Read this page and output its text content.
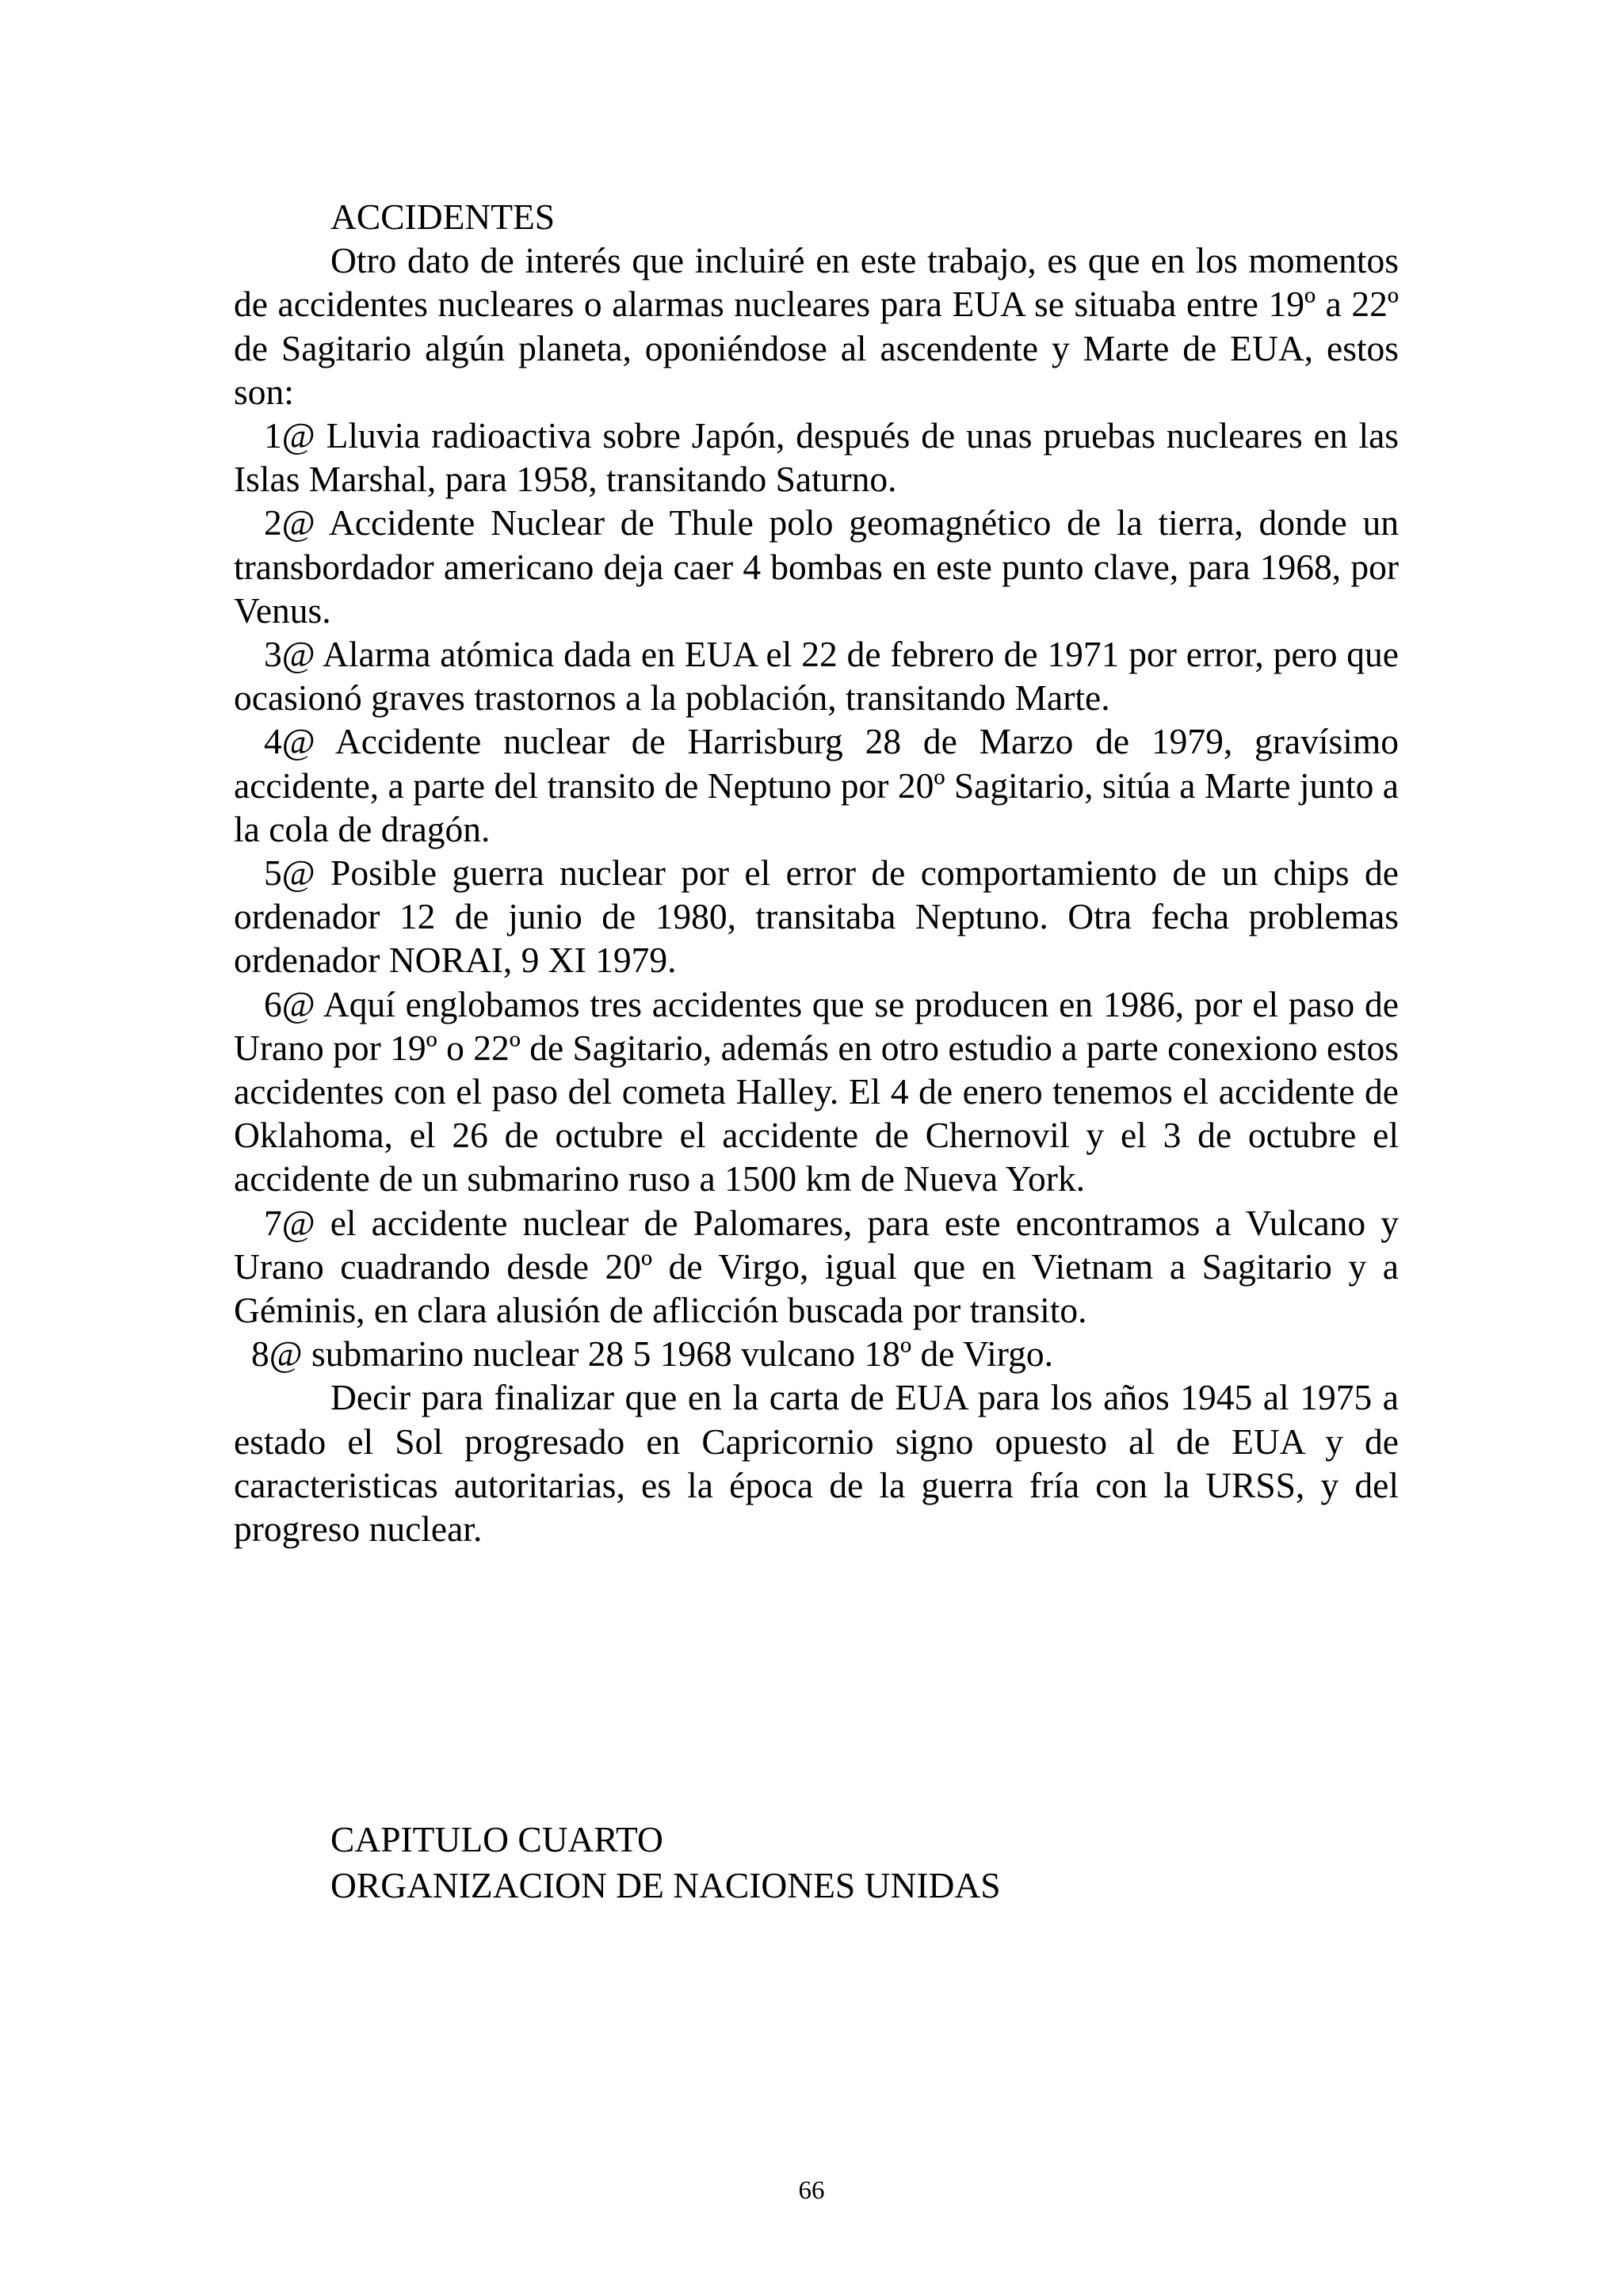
ACCIDENTES

Otro dato de interés que incluiré en este trabajo, es que en los momentos de accidentes nucleares o alarmas nucleares para EUA se situaba entre 19º a 22º de Sagitario algún planeta, oponiéndose al ascendente y Marte de EUA, estos son:

1@ Lluvia radioactiva sobre Japón, después de unas pruebas nucleares en las Islas Marshal, para 1958, transitando Saturno.

2@ Accidente Nuclear de Thule polo geomagnético de la tierra, donde un transbordador americano deja caer 4 bombas en este punto clave, para 1968, por Venus.

3@ Alarma atómica dada en EUA el 22 de febrero de 1971 por error, pero que ocasionó graves trastornos a la población, transitando Marte.

4@ Accidente nuclear de Harrisburg 28 de Marzo de 1979, gravísimo accidente, a parte del transito de Neptuno por 20º Sagitario, sitúa a Marte junto a la cola de dragón.

5@ Posible guerra nuclear por el error de comportamiento de un chips de ordenador 12 de junio de 1980, transitaba Neptuno. Otra fecha problemas ordenador NORAI, 9 XI 1979.

6@ Aquí englobamos tres accidentes que se producen en 1986, por el paso de Urano por 19º o 22º de Sagitario, además en otro estudio a parte conexiono estos accidentes con el paso del cometa Halley. El 4 de enero tenemos el accidente de Oklahoma, el 26 de octubre el accidente de Chernovil y el 3 de octubre el accidente de un submarino ruso a 1500 km de Nueva York.

7@ el accidente nuclear de Palomares, para este encontramos a Vulcano y Urano cuadrando desde 20º de Virgo, igual que en Vietnam a Sagitario y a Géminis, en clara alusión de aflicción buscada por transito.

8@ submarino nuclear 28 5 1968 vulcano 18º de Virgo.

Decir para finalizar que en la carta de EUA para los años 1945 al 1975 a estado el Sol progresado en Capricornio signo opuesto al de EUA y de caracteristicas autoritarias, es la época de la guerra fría con la URSS, y del progreso nuclear.

CAPITULO CUARTO
ORGANIZACION DE NACIONES UNIDAS
66
